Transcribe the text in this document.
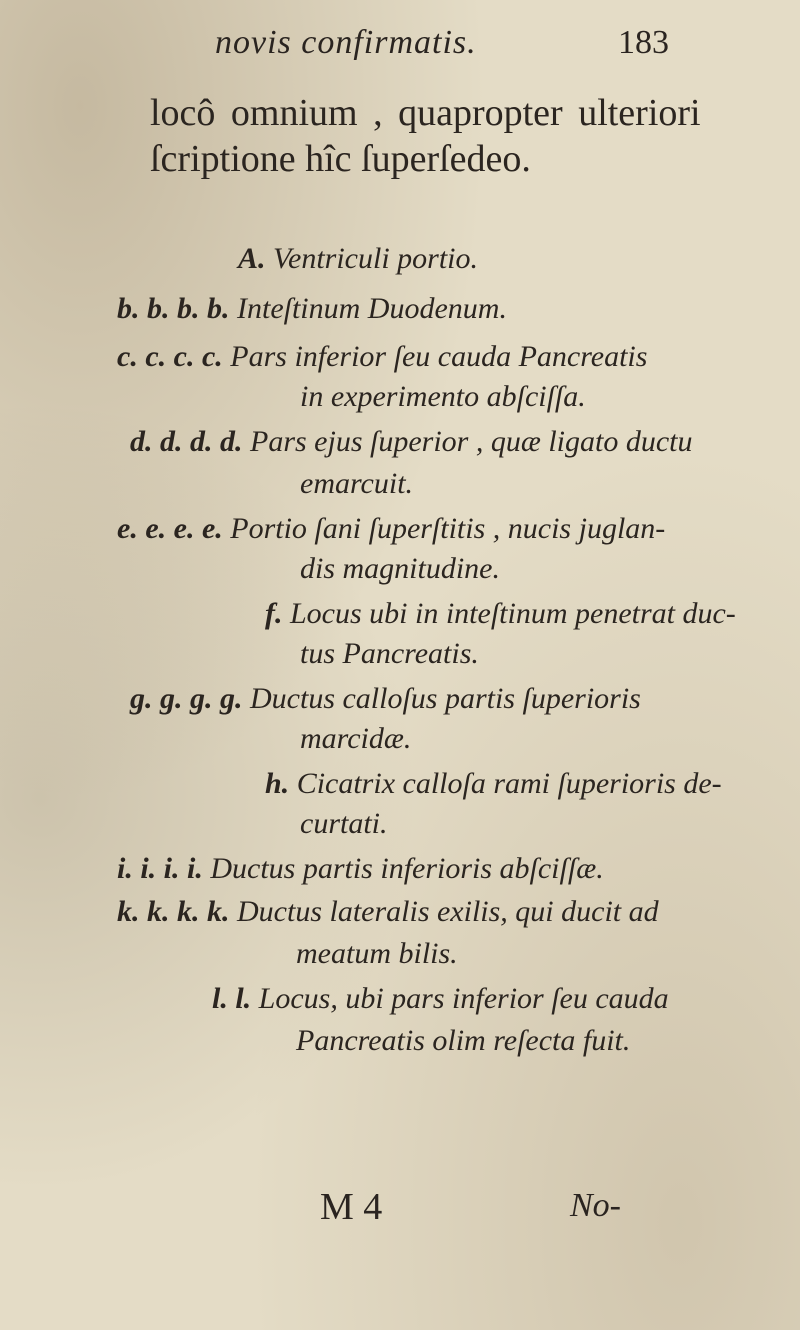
novis confirmatis.	183

locô omnium , quapropter ulteriori

ſcriptione hîc ſuperſedeo.

A. Ventriculi portio.
b. b. b. b. Inteſtinum Duodenum.
c. c. c. c. Pars inferior ſeu cauda Pancreatis
in experimento abſciſſa.
d. d. d. d. Pars ejus ſuperior , quæ ligato ductu
emarcuit.
e. e. e. e. Portio ſani ſuperſtitis , nucis juglan-
dis magnitudine.
f. Locus ubi in inteſtinum penetrat duc-
tus Pancreatis.
g. g. g. g. Ductus calloſus partis ſuperioris
marcidæ.
h. Cicatrix calloſa rami ſuperioris de-
curtati.
i. i. i. i. Ductus partis inferioris abſciſſæ.
k. k. k. k. Ductus lateralis exilis, qui ducit ad
meatum bilis.
l. l. Locus, ubi pars inferior ſeu cauda
Pancreatis olim reſecta fuit.
M 4	No-
